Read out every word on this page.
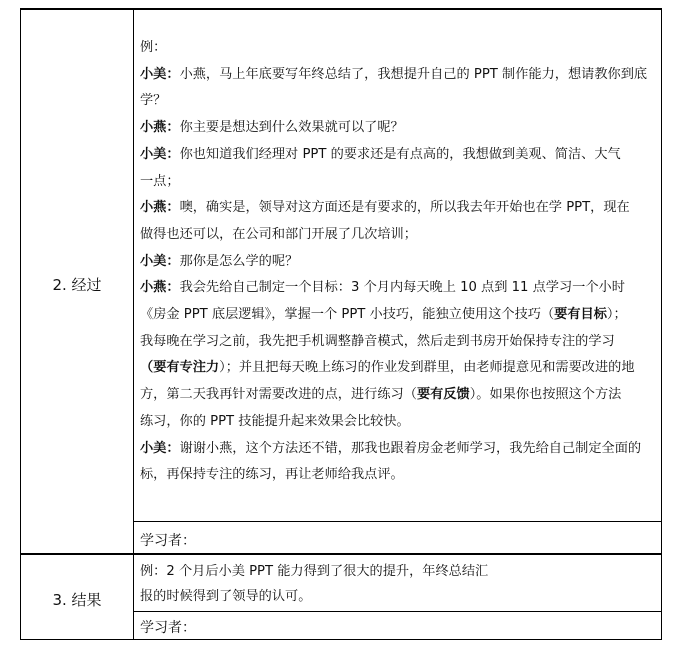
2. 经过

例：

小美：小燕，马上年底要写年终总结了，我想提升自己的 PPT 制作能力，想请教你到底

学？

小燕：你主要是想达到什么效果就可以了呢？

小美：你也知道我们经理对 PPT 的要求还是有点高的，我想做到美观、简洁、大气

一点；

小燕：噢，确实是，领导对这方面还是有要求的，所以我去年开始也在学 PPT，现在

做得也还可以，在公司和部门开展了几次培训；

小美：那你是怎么学的呢？

小燕：我会先给自己制定一个目标：3 个月内每天晚上 10 点到 11 点学习一个小时

《房金 PPT 底层逻辑》，掌握一个 PPT 小技巧，能独立使用这个技巧（要有目标）；

我每晚在学习之前，我先把手机调整静音模式，然后走到书房开始保持专注的学习

（要有专注力）；并且把每天晚上练习的作业发到群里，由老师提意见和需要改进的地

方，第二天我再针对需要改进的点，进行练习（要有反馈）。如果你也按照这个方法

练习，你的 PPT 技能提升起来效果会比较快。

小美：谢谢小燕，这个方法还不错，那我也跟着房金老师学习，我先给自己制定全面的

标，再保持专注的练习，再让老师给我点评。

学习者：
3. 结果

例：2 个月后小美 PPT 能力得到了很大的提升，年终总结汇

报的时候得到了领导的认可。

学习者：
